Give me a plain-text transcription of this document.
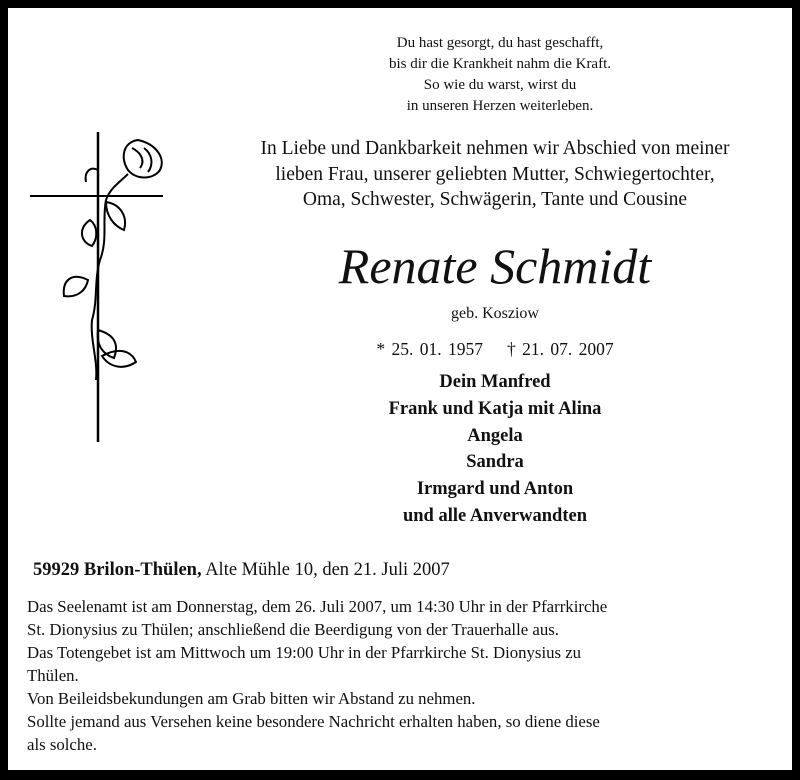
Du hast gesorgt, du hast geschafft,
bis dir die Krankheit nahm die Kraft.
So wie du warst, wirst du
in unseren Herzen weiterleben.
In Liebe und Dankbarkeit nehmen wir Abschied von meiner
lieben Frau, unserer geliebten Mutter, Schwiegertochter,
Oma, Schwester, Schwägerin, Tante und Cousine
Renate Schmidt
geb. Kosziow
* 25. 01. 1957 † 21. 07. 2007
Dein Manfred
Frank und Katja mit Alina
Angela
Sandra
Irmgard und Anton
und alle Anverwandten
59929 Brilon-Thülen, Alte Mühle 10, den 21. Juli 2007
Das Seelenamt ist am Donnerstag, dem 26. Juli 2007, um 14:30 Uhr in der Pfarrkirche
St. Dionysius zu Thülen; anschließend die Beerdigung von der Trauerhalle aus.
Das Totengebet ist am Mittwoch um 19:00 Uhr in der Pfarrkirche St. Dionysius zu
Thülen.
Von Beileidsbekundungen am Grab bitten wir Abstand zu nehmen.
Sollte jemand aus Versehen keine besondere Nachricht erhalten haben, so diene diese
als solche.
